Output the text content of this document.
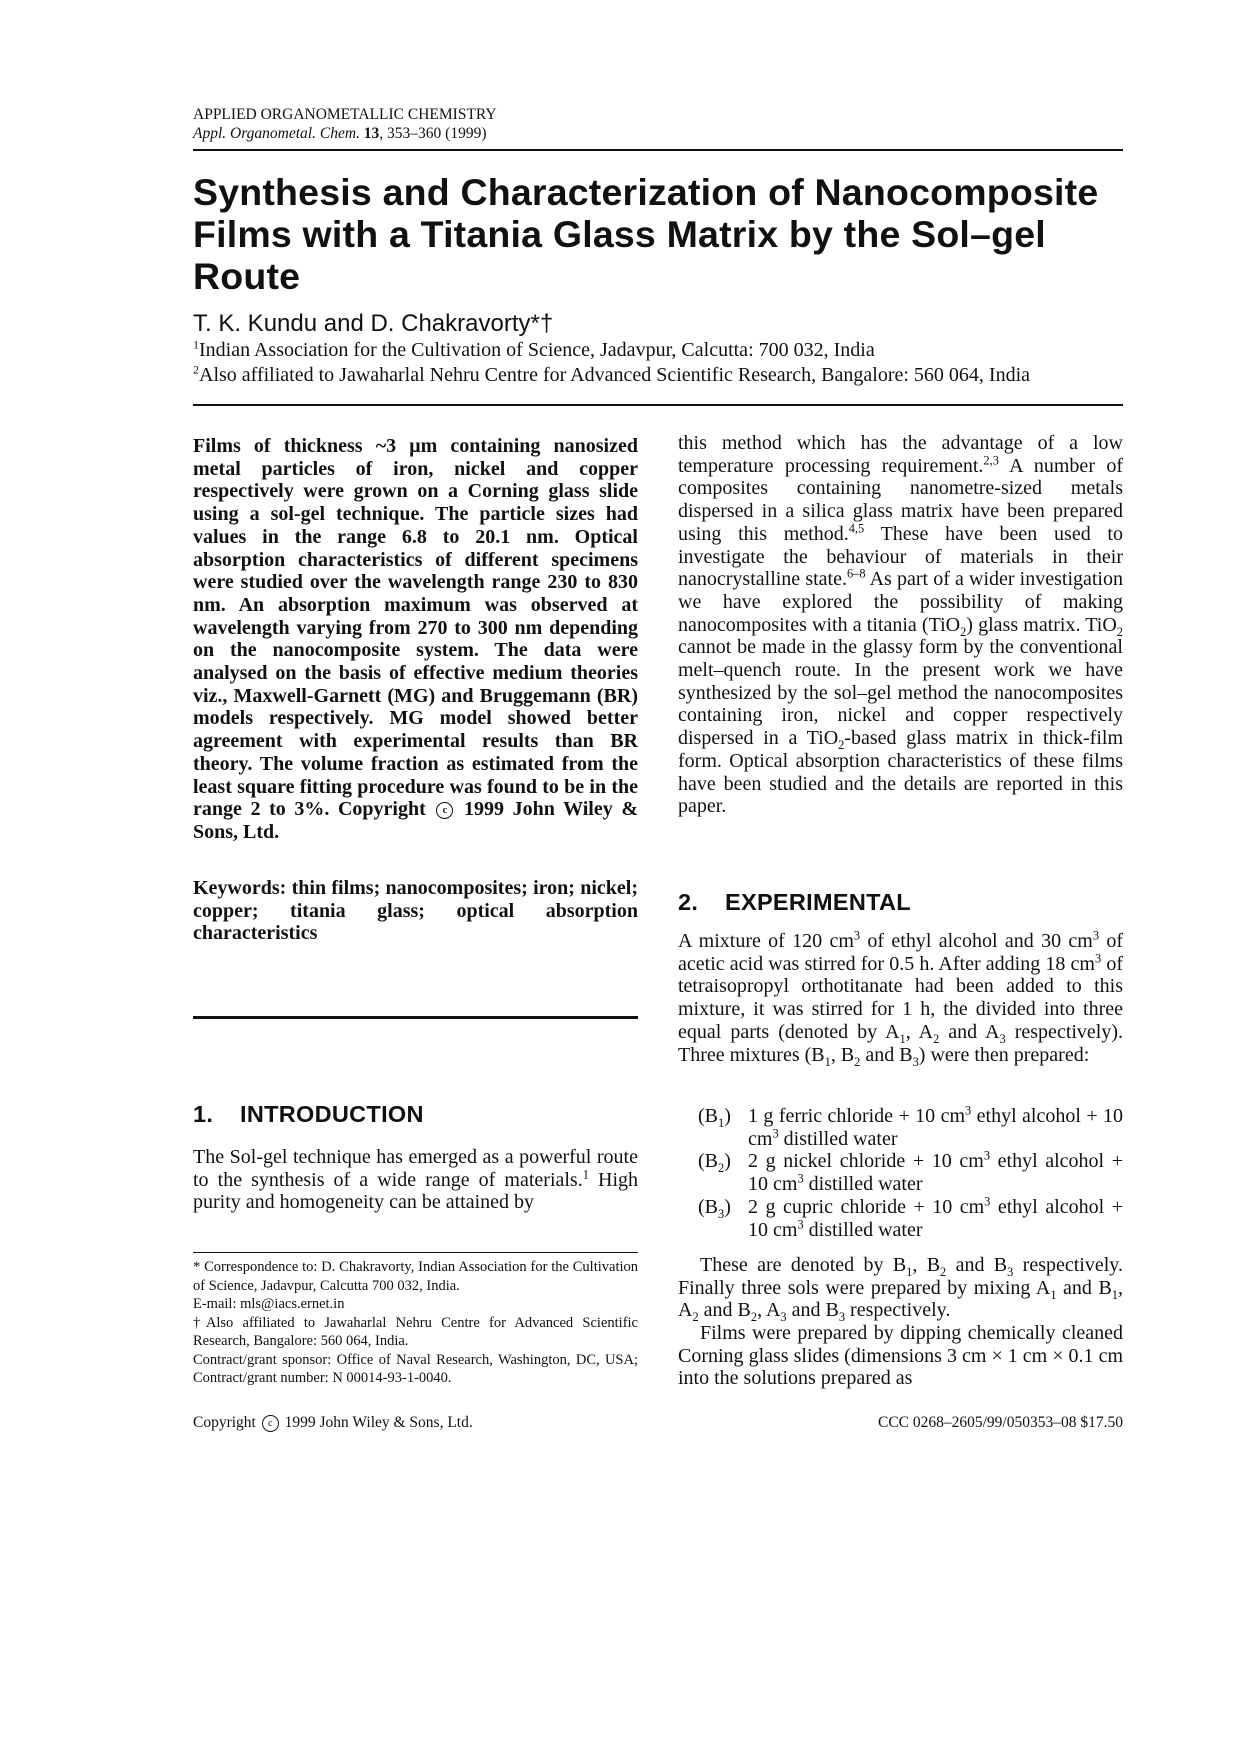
APPLIED ORGANOMETALLIC CHEMISTRY
Appl. Organometal. Chem. 13, 353–360 (1999)
Synthesis and Characterization of Nanocomposite Films with a Titania Glass Matrix by the Sol–gel Route
T. K. Kundu and D. Chakravorty*†
$^1$Indian Association for the Cultivation of Science, Jadavpur, Calcutta: 700 032, India
$^2$Also affiliated to Jawaharlal Nehru Centre for Advanced Scientific Research, Bangalore: 560 064, India

Films of thickness ~3 μm containing nanosized metal particles of iron, nickel and copper respectively were grown on a Corning glass slide using a sol-gel technique. The particle sizes had values in the range 6.8 to 20.1 nm. Optical absorption characteristics of different specimens were studied over the wavelength range 230 to 830 nm. An absorption maximum was observed at wavelength varying from 270 to 300 nm depending on the nanocomposite system. The data were analysed on the basis of effective medium theories viz., Maxwell-Garnett (MG) and Bruggemann (BR) models respectively. MG model showed better agreement with experimental results than BR theory. The volume fraction as estimated from the least square fitting procedure was found to be in the range 2 to 3%. Copyright c 1999 John Wiley & Sons, Ltd.

Keywords: thin films; nanocomposites; iron; nickel; copper; titania glass; optical absorption characteristics

1. INTRODUCTION

The Sol-gel technique has emerged as a powerful route to the synthesis of a wide range of materials.$^1$ High purity and homogeneity can be attained by

* Correspondence to: D. Chakravorty, Indian Association for the Cultivation of Science, Jadavpur, Calcutta 700 032, India.
E-mail: mls@iacs.ernet.in
†Also affiliated to Jawaharlal Nehru Centre for Advanced Scientific Research, Bangalore: 560 064, India.
Contract/grant sponsor: Office of Naval Research, Washington, DC, USA; Contract/grant number: N 00014-93-1-0040.

this method which has the advantage of a low temperature processing requirement.$^{2,3}$ A number of composites containing nanometre-sized metals dispersed in a silica glass matrix have been prepared using this method.$^{4,5}$ These have been used to investigate the behaviour of materials in their nanocrystalline state.$^{6-8}$ As part of a wider investigation we have explored the possibility of making nanocomposites with a titania (TiO$_2$) glass matrix. TiO$_2$ cannot be made in the glassy form by the conventional melt–quench route. In the present work we have synthesized by the sol–gel method the nanocomposites containing iron, nickel and copper respectively dispersed in a TiO$_2$-based glass matrix in thick-film form. Optical absorption characteristics of these films have been studied and the details are reported in this paper.

2. EXPERIMENTAL

A mixture of 120 $cm^3$ of ethyl alcohol and 30 $cm^3$ of acetic acid was stirred for 0.5 h. After adding 18 $cm^3$ of tetraisopropyl orthotitanate had been added to this mixture, it was stirred for 1 h, the divided into three equal parts (denoted by $A_1$, $A_2$ and $A_3$ respectively). Three mixtures ($B_1$, $B_2$ and $B_3$) were then prepared:

$(B_1)$ 1 g ferric chloride + 10 $cm^3$ ethyl alcohol + 10 $cm^3$ distilled water
$(B_2)$ 2 g nickel chloride + 10 $cm^3$ ethyl alcohol + 10 $cm^3$ distilled water
$(B_3)$ 2 g cupric chloride + 10 $cm^3$ ethyl alcohol + 10 $cm^3$ distilled water

These are denoted by $B_1$, $B_2$ and $B_3$ respectively. Finally three sols were prepared by mixing $A_1$ and $B_1$, $A_2$ and $B_2$, $A_3$ and $B_3$ respectively.

Films were prepared by dipping chemically cleaned Corning glass slides (dimensions 3 cm × 1 cm × 0.1 cm into the solutions prepared as

Copyright c 1999 John Wiley & Sons, Ltd.	CCC 0268–2605/99/050353–08 $17.50
